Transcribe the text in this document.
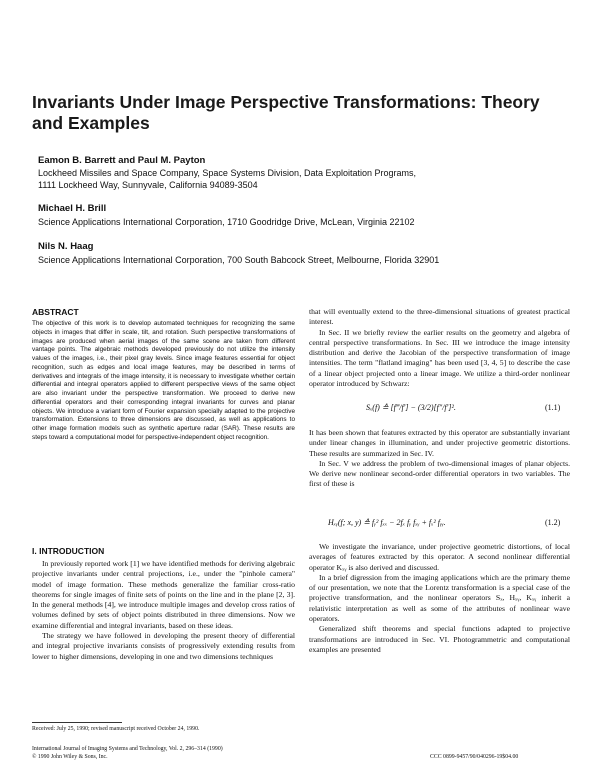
Invariants Under Image Perspective Transformations: Theory
and Examples
Eamon B. Barrett and Paul M. Payton
Lockheed Missiles and Space Company, Space Systems Division, Data Exploitation Programs,
1111 Lockheed Way, Sunnyvale, California 94089-3504
Michael H. Brill
Science Applications International Corporation, 1710 Goodridge Drive, McLean, Virginia 22102
Nils N. Haag
Science Applications International Corporation, 700 South Babcock Street, Melbourne, Florida 32901
ABSTRACT
The objective of this work is to develop automated techniques for recognizing the same objects in images that differ in scale, tilt, and rotation. Such perspective transformations of images are produced when aerial images of the same scene are taken from different vantage points. The algebraic methods developed previously do not utilize the intensity values of the images, i.e., their pixel gray levels. Since image features essential for object recognition, such as edges and local image features, may be described in terms of derivatives and integrals of the image intensity, it is necessary to investigate whether certain differential and integral operators applied to different perspective views of the same object are also invariant under the perspective transformation. We proceed to derive new differential operators and their corresponding integral invariants for curves and planar objects. We introduce a variant form of Fourier expansion specially adapted to the projective transformation. Extensions to three dimensions are discussed, as well as applications to other image formation models such as synthetic aperture radar (SAR). These results are steps toward a computational model for perspective-independent object recognition.
I. INTRODUCTION

In previously reported work [1] we have identified methods for deriving algebraic projective invariants under central projections, i.e., under the "pinhole camera" model of image formation. These methods generalize the familiar cross-ratio theorems for single images of finite sets of points on the line and in the plane [2, 3]. In the general methods [4], we introduce multiple images and develop cross ratios of volumes defined by sets of object points distributed in three dimensions. Now we examine differential and integral invariants, based on these ideas.

The strategy we have followed in developing the present theory of differential and integral projective invariants consists of progressively extending results from lower to higher dimensions, developing in one and two dimensions techniques

that will eventually extend to the three-dimensional situations of greatest practical interest.

In Sec. II we briefly review the earlier results on the geometry and algebra of central perspective transformations. In Sec. III we introduce the image intensity distribution and derive the Jacobian of the perspective transformation of image intensities. The term "flatland imaging" has been used [3, 4, 5] to describe the case of a linear object projected onto a linear image. We utilize a third-order nonlinear operator introduced by Schwarz:

Sₓ(f) ≙ [f‴/f′] − (3/2)[f″/f′]².	(1.1)

It has been shown that features extracted by this operator are substantially invariant under linear changes in illumination, and under projective geometric distortions. These results are summarized in Sec. IV.

In Sec. V we address the problem of two-dimensional images of planar objects. We derive new nonlinear second-order differential operators in two variables. The first of these is

Hₓᵧ(f; x, y) ≙ fᵧ² fₓₓ − 2fₓ fᵧ fₓᵧ + fₓ² fᵧᵧ.	(1.2)

We investigate the invariance, under projective geometric distortions, of local averages of features extracted by this operator. A second nonlinear differential operator Kₓᵧ is also derived and discussed.

In a brief digression from the imaging applications which are the primary theme of our presentation, we note that the Lorentz transformation is a special case of the projective transformation, and the nonlinear operators Sₓ, Hₓᵧ, Kₓᵧ inherit a relativistic interpretation as well as some of the attributes of nonlinear wave operators.

Generalized shift theorems and special functions adapted to projective transformations are introduced in Sec. VI. Photogrammetric and computational examples are presented

Received: July 25, 1990; revised manuscript received October 24, 1990.
International Journal of Imaging Systems and Technology, Vol. 2, 296–314 (1990)
© 1990 John Wiley & Sons, Inc.	CCC 0899-9457/90/040296-19$04.00
